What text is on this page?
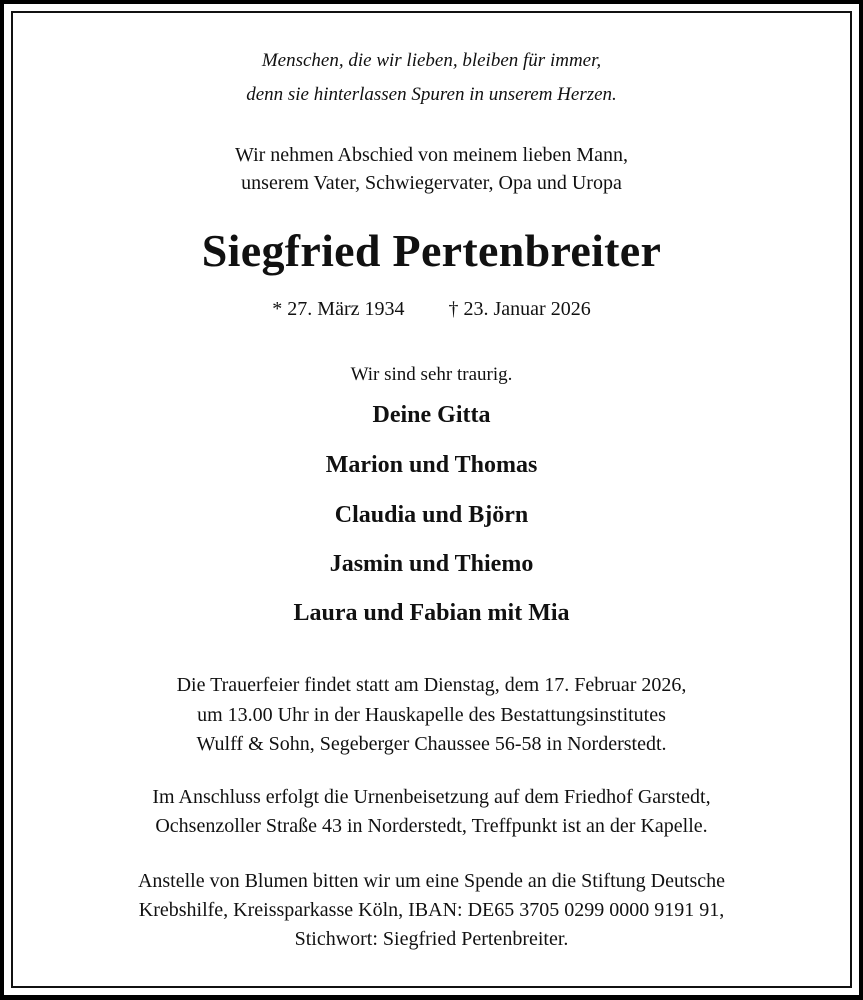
Menschen, die wir lieben, bleiben für immer,
denn sie hinterlassen Spuren in unserem Herzen.
Wir nehmen Abschied von meinem lieben Mann,
unserem Vater, Schwiegervater, Opa und Uropa
Siegfried Pertenbreiter
* 27. März 1934 † 23. Januar 2026
Wir sind sehr traurig.
Deine Gitta
Marion und Thomas
Claudia und Björn
Jasmin und Thiemo
Laura und Fabian mit Mia
Die Trauerfeier findet statt am Dienstag, dem 17. Februar 2026,
um 13.00 Uhr in der Hauskapelle des Bestattungsinstitutes
Wulff & Sohn, Segeberger Chaussee 56-58 in Norderstedt.
Im Anschluss erfolgt die Urnenbeisetzung auf dem Friedhof Garstedt,
Ochsenzoller Straße 43 in Norderstedt, Treffpunkt ist an der Kapelle.
Anstelle von Blumen bitten wir um eine Spende an die Stiftung Deutsche
Krebshilfe, Kreissparkasse Köln, IBAN: DE65 3705 0299 0000 9191 91,
Stichwort: Siegfried Pertenbreiter.
